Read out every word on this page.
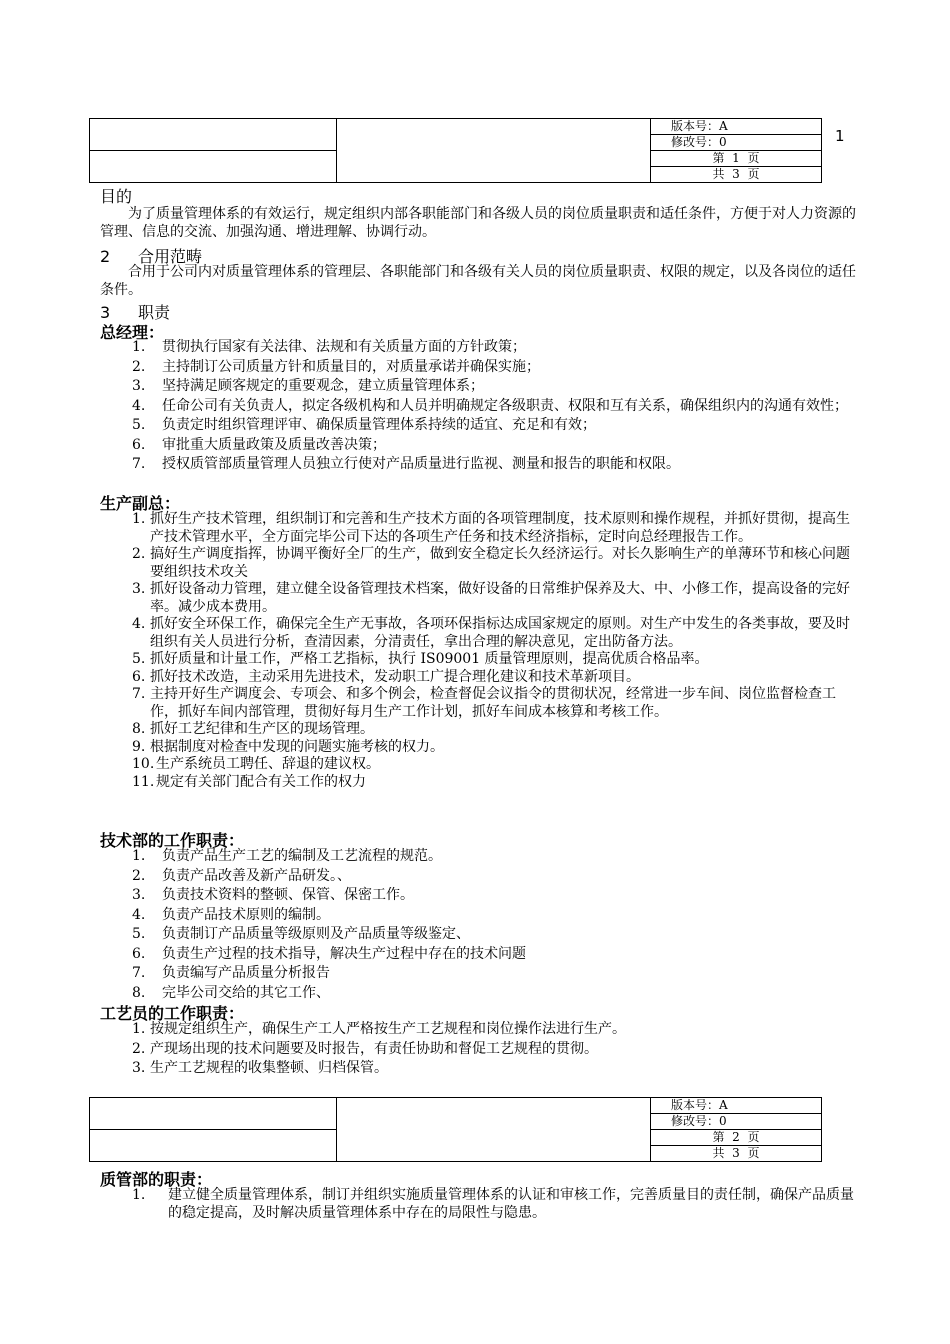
		版本号：A
		修改号：0
		第 1 页
		共 3 页
1
目的
为了质量管理体系的有效运行，规定组织内部各职能部门和各级人员的岗位质量职责和适任条件，方便于对人力资源的管理、信息的交流、加强沟通、增进理解、协调行动。
2 合用范畴
合用于公司内对质量管理体系的管理层、各职能部门和各级有关人员的岗位质量职责、权限的规定，以及各岗位的适任条件。
3 职责
总经理：
1. 贯彻执行国家有关法律、法规和有关质量方面的方针政策；
2. 主持制订公司质量方针和质量目的，对质量承诺并确保实施；
3. 坚持满足顾客规定的重要观念，建立质量管理体系；
4. 任命公司有关负责人，拟定各级机构和人员并明确规定各级职责、权限和互有关系，确保组织内的沟通有效性；
5. 负责定时组织管理评审、确保质量管理体系持续的适宜、充足和有效；
6. 审批重大质量政策及质量改善决策；
7. 授权质管部质量管理人员独立行使对产品质量进行监视、测量和报告的职能和权限。
生产副总：
1. 抓好生产技术管理，组织制订和完善和生产技术方面的各项管理制度，技术原则和操作规程，并抓好贯彻，提高生产技术管理水平，全方面完毕公司下达的各项生产任务和技术经济指标，定时向总经理报告工作。
2. 搞好生产调度指挥，协调平衡好全厂的生产，做到安全稳定长久经济运行。对长久影响生产的单薄环节和核心问题要组织技术攻关
3. 抓好设备动力管理，建立健全设备管理技术档案，做好设备的日常维护保养及大、中、小修工作，提高设备的完好率。减少成本费用。
4. 抓好安全环保工作，确保完全生产无事故，各项环保指标达成国家规定的原则。对生产中发生的各类事故，要及时组织有关人员进行分析，查清因素，分清责任，拿出合理的解决意见，定出防备方法。
5. 抓好质量和计量工作，严格工艺指标，执行 IS09001 质量管理原则，提高优质合格品率。
6. 抓好技术改造，主动采用先进技术，发动职工广提合理化建议和技术革新项目。
7. 主持开好生产调度会、专项会、和多个例会，检查督促会议指令的贯彻状况，经常进一步车间、岗位监督检查工作，抓好车间内部管理，贯彻好每月生产工作计划，抓好车间成本核算和考核工作。
8. 抓好工艺纪律和生产区的现场管理。
9. 根据制度对检查中发现的问题实施考核的权力。
10. 生产系统员工聘任、辞退的建议权。
11. 规定有关部门配合有关工作的权力
技术部的工作职责：
1. 负责产品生产工艺的编制及工艺流程的规范。
2. 负责产品改善及新产品研发。、
3. 负责技术资料的整顿、保管、保密工作。
4. 负责产品技术原则的编制。
5. 负责制订产品质量等级原则及产品质量等级鉴定、
6. 负责生产过程的技术指导，解决生产过程中存在的技术问题
7. 负责编写产品质量分析报告
8. 完毕公司交给的其它工作、
工艺员的工作职责：
1. 按规定组织生产，确保生产工人严格按生产工艺规程和岗位操作法进行生产。
2. 产现场出现的技术问题要及时报告，有责任协助和督促工艺规程的贯彻。
3. 生产工艺规程的收集整顿、归档保管。
		版本号：A
		修改号：0
		第 2 页
		共 3 页
质管部的职责：
1. 建立健全质量管理体系，制订并组织实施质量管理体系的认证和审核工作，完善质量目的责任制，确保产品质量的稳定提高，及时解决质量管理体系中存在的局限性与隐患。
